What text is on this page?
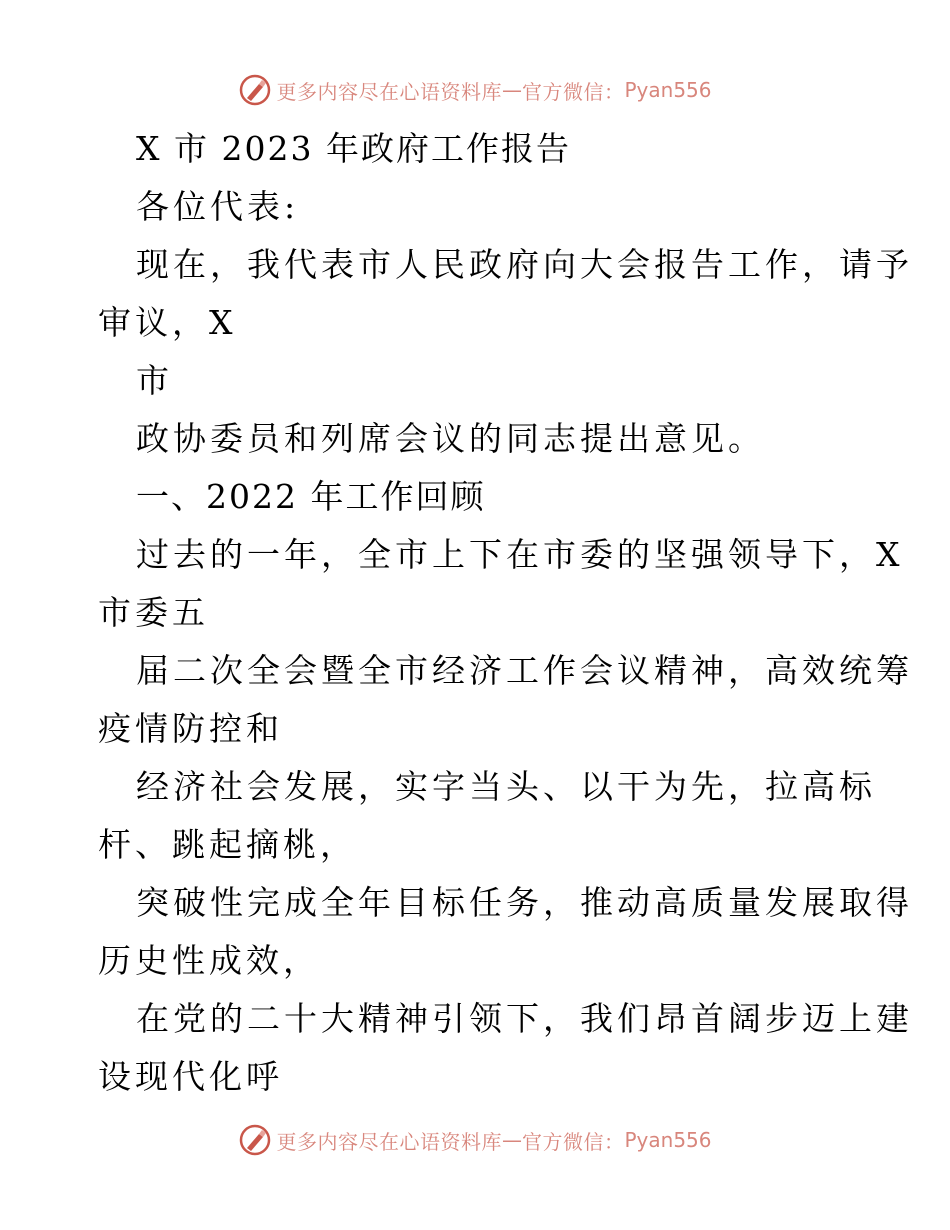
更多内容尽在心语资料库 — 官方微信： Pyan556
X 市 2023 年政府工作报告
各位代表:
现在，我代表市人民政府向大会报告工作，请予
审议，X
市
政协委员和列席会议的同志提出意见。
一、2022 年工作回顾
过去的一年，全市上下在市委的坚强领导下，X
市委五
届二次全会暨全市经济工作会议精神，高效统筹
疫情防控和
经济社会发展，实字当头、以干为先，拉高标
杆、跳起摘桃，
突破性完成全年目标任务，推动高质量发展取得
历史性成效，
在党的二十大精神引领下，我们昂首阔步迈上建
设现代化呼
更多内容尽在心语资料库 — 官方微信： Pyan556
